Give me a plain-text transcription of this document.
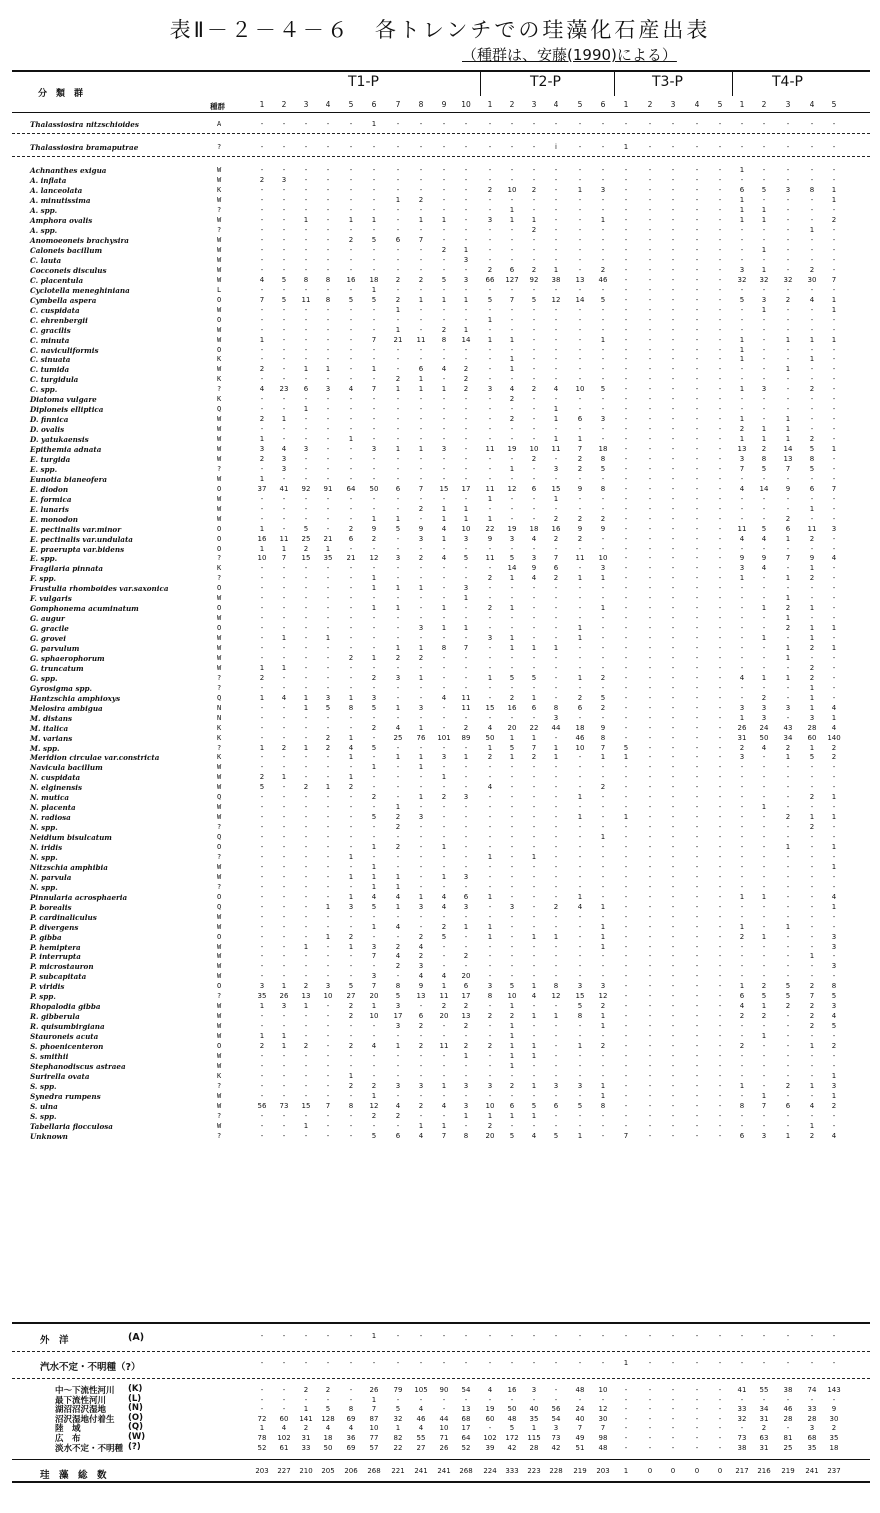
表Ⅱ－２－４－６　各トレンチでの珪藻化石産出表
（種群は、安藤(1990)による）
分　類　群
種群
T1-P	T2-P	T3-P	T4-P
1	2	3	4	5	6	7	8	9	10	1	2	3	4	5	6	1	2	3	4	5	1	2	3	4	5
Thalassiosira nitzschioides	A	-	-	-	-	-	1	-	-	-	-	-	-	-	-	-	-	-	-	-	-	-	-	-	-	-	-
Thalassiosira bramaputrae	?	-	-	-	-	-	-	-	-	-	-	-	-	-	i	-	-	1	-	-	-	-	-	-	-	-	-
Achnanthes exigua	W	-	-	-	-	-	-	-	-	-	-	-	-	-	-	-	-	-	-	-	-	-	1	-	-	-	-
A. inflata	W	2	3	-	-	-	-	-	-	-	-	-	-	-	-	-	-	-	-	-	-	-	-	-	-	-	-
A. lanceolata	K	-	-	-	-	-	-	-	-	-	-	2	10	2	-	1	3	-	-	-	-	-	6	5	3	8	1
A. minutissima	W	-	-	-	-	-	-	1	2	-	-	-	-	-	-	-	-	-	-	-	-	-	1	-	-	-	1
A. spp.	?	-	-	-	-	-	-	-	-	-	-	-	1	-	-	-	-	-	-	-	-	-	1	1	-	-	-
Amphora ovalis	W	-	-	1	-	1	1	-	1	1	-	3	1	1	-	-	1	-	-	-	-	-	1	1	-	-	2
A. spp.	?	-	-	-	-	-	-	-	-	-	-	-	-	2	-	-	-	-	-	-	-	-	-	-	-	1	-
Anomoeoneis brachysira	W	-	-	-	-	2	5	6	7	-	-	-	-	-	-	-	-	-	-	-	-	-	-	-	-	-	-
Caloneis bacillum	W	-	-	-	-	-	-	-	-	2	1	-	-	-	-	-	-	-	-	-	-	-	-	1	-	-	-
C. lauta	W	-	-	-	-	-	-	-	-	-	3	-	-	-	-	-	-	-	-	-	-	-	-	-	-	-	-
Cocconeis disculus	W	-	-	-	-	-	-	-	-	-	-	2	6	2	1	-	2	-	-	-	-	-	3	1	-	2	-
C. placentula	W	4	5	8	8	16	18	2	2	5	3	66	127	92	38	13	46	-	-	-	-	-	32	32	32	30	7
Cyclotella meneghiniana	L	-	-	-	-	-	1	-	-	-	-	-	-	-	-	-	-	-	-	-	-	-	-	-	-	-	-
Cymbella aspera	O	7	5	11	8	5	5	2	1	1	1	5	7	5	12	14	5	-	-	-	-	-	5	3	2	4	1
C. cuspidata	W	-	-	-	-	-	-	1	-	-	-	-	-	-	-	-	-	-	-	-	-	-	-	1	-	-	1
C. ehrenbergii	O	-	-	-	-	-	-	-	-	-	-	1	-	-	-	-	-	-	-	-	-	-	-	-	-	-	-
C. gracilis	W	-	-	-	-	-	-	1	-	2	1	-	-	-	-	-	-	-	-	-	-	-	-	-	-	-	-
C. minuta	W	1	-	-	-	-	7	21	11	8	14	1	1	-	-	-	1	-	-	-	-	-	1	-	1	1	1
C. naviculiformis	O	-	-	-	-	-	-	-	-	-	-	-	-	-	-	-	-	-	-	-	-	-	1	-	-	-	-
C. sinuata	K	-	-	-	-	-	-	-	-	-	-	-	1	-	-	-	-	-	-	-	-	-	1	-	-	1	-
C. tumida	W	2	-	1	1	-	1	-	6	4	2	-	1	-	-	-	-	-	-	-	-	-	-	-	1	-	-
C. turgidula	K	-	-	-	-	-	-	2	1	-	2	-	-	-	-	-	-	-	-	-	-	-	-	-	-	-	-
C. spp.	?	4	23	6	3	4	7	1	1	1	2	3	4	2	4	10	5	-	-	-	-	-	1	3	-	2	-
Diatoma vulgare	K	-	-	-	-	-	-	-	-	-	-	-	2	-	-	-	-	-	-	-	-	-	-	-	-	-	-
Diploneis elliptica	Q	-	-	1	-	-	-	-	-	-	-	-	-	-	1	-	-	-	-	-	-	-	-	-	-	-	-
D. finnica	W	2	1	-	-	-	-	-	-	-	-	-	2	-	1	6	3	-	-	-	-	-	1	-	1	-	-
D. ovalis	W	-	-	-	-	-	-	-	-	-	-	-	-	-	-	-	-	-	-	-	-	-	2	1	1	-	-
D. yatukaensis	W	1	-	-	-	1	-	-	-	-	-	-	-	-	1	1	-	-	-	-	-	-	1	1	1	2	-
Epithemia adnata	W	3	4	3	-	-	3	1	1	3	-	11	19	10	11	7	18	-	-	-	-	-	13	2	14	5	1
E. turgida	W	2	3	-	-	-	-	-	-	-	-	-	-	2	-	2	8	-	-	-	-	-	3	8	13	8	-
E. spp.	?	-	3	-	-	-	-	-	-	-	-	-	1	-	3	2	5	-	-	-	-	-	7	5	7	5	-
Eunotia bianeofera	W	1	-	-	-	-	-	-	-	-	-	-	-	-	-	-	-	-	-	-	-	-	-	-	-	-	-
E. diodon	O	37	41	92	91	64	50	6	7	15	17	11	12	6	15	9	8	-	-	-	-	-	4	14	9	6	7
E. formica	W	-	-	-	-	-	-	-	-	-	-	1	-	-	1	-	-	-	-	-	-	-	-	-	-	-	-
E. lunaris	W	-	-	-	-	-	-	-	2	1	1	-	-	-	-	-	-	-	-	-	-	-	-	-	-	1	-
E. monodon	W	-	-	-	-	-	1	1	-	1	1	1	-	-	2	2	2	-	-	-	-	-	-	-	2	-	-
E. pectinalis var.minor	O	1	-	5	-	2	9	5	9	4	10	22	19	18	16	9	9	-	-	-	-	-	11	5	6	11	3
E. pectinalis var.undulata	O	16	11	25	21	6	2	-	3	1	3	9	3	4	2	2	-	-	-	-	-	-	4	4	1	2	-
E. praerupta var.bidens	O	1	1	2	1	-	-	-	-	-	-	-	-	-	-	-	-	-	-	-	-	-	-	-	-	-	-
E. spp.	?	10	7	15	35	21	12	3	2	4	5	11	5	3	7	11	10	-	-	-	-	-	9	9	7	9	4
Fragilaria pinnata	K	-	-	-	-	-	-	-	-	-	-	-	14	9	6	-	3	-	-	-	-	-	3	4	-	1	-
F. spp.	?	-	-	-	-	-	1	-	-	-	-	2	1	4	2	1	1	-	-	-	-	-	1	-	1	2	-
Frustulia rhomboides var.saxonica	O	-	-	-	-	-	1	1	1	-	3	-	-	-	-	-	-	-	-	-	-	-	-	-	-	-	-
F. vulgaris	W	-	-	-	-	-	-	-	-	-	1	-	-	-	-	-	-	-	-	-	-	-	-	-	1	-	-
Gomphonema acuminatum	O	-	-	-	-	-	1	1	-	1	-	2	1	-	-	-	1	-	-	-	-	-	-	1	2	1	-
G. augur	W	-	-	-	-	-	-	-	-	-	-	-	-	-	-	-	-	-	-	-	-	-	-	-	1	-	-
G. gracile	O	-	-	-	-	-	-	-	3	1	1	-	-	-	-	1	-	-	-	-	-	-	-	-	2	1	1
G. grovei	W	-	1	-	1	-	-	-	-	-	-	3	1	-	-	1	-	-	-	-	-	-	-	1	-	1	-
G. parvulum	W	-	-	-	-	-	-	1	1	8	7	-	1	1	1	-	-	-	-	-	-	-	-	-	1	2	1
G. sphaerophorum	W	-	-	-	-	2	1	2	2	-	-	-	-	-	-	-	-	-	-	-	-	-	-	-	1	-	-
G. truncatum	W	1	1	-	-	-	-	-	-	-	-	-	-	-	-	-	-	-	-	-	-	-	-	-	-	2	-
G. spp.	?	2	-	-	-	-	2	3	1	-	-	1	5	5	-	1	2	-	-	-	-	-	4	1	1	2	-
Gyrosigma spp.	?	-	-	-	-	-	-	-	-	-	-	-	-	-	-	-	-	-	-	-	-	-	-	-	-	1	-
Hantzschia amphioxys	Q	1	4	1	3	1	3	-	-	4	11	-	2	1	-	2	5	-	-	-	-	-	-	2	-	1	-
Melosira ambigua	N	-	-	1	5	8	5	1	3	-	11	15	16	6	8	6	2	-	-	-	-	-	3	3	3	1	4
M. distans	N	-	-	-	-	-	-	-	-	-	-	-	-	-	3	-	-	-	-	-	-	-	1	3	-	3	1
M. italica	K	-	-	-	-	-	2	4	1	-	2	4	20	22	44	18	9	-	-	-	-	-	26	24	43	28	4
M. varians	K	-	-	-	2	1	-	25	76	101	89	50	1	1	-	46	8	-	-	-	-	-	31	50	34	60	140
M. spp.	?	1	2	1	2	4	5	-	-	-	-	1	5	7	1	10	7	5	-	-	-	-	2	4	2	1	2
Meridion circulae var.constricta	K	-	-	-	-	1	-	1	1	3	1	2	1	2	1	-	1	1	-	-	-	-	3	-	1	5	2
Navicula bacillum	W	-	-	-	-	-	1	-	1	-	-	-	-	-	-	-	-	-	-	-	-	-	-	-	-	-	-
N. cuspidata	W	2	1	-	-	1	-	-	-	1	-	-	-	-	-	-	-	-	-	-	-	-	-	-	-	-	-
N. elginensis	W	5	-	2	1	2	-	-	-	-	-	4	-	-	-	-	2	-	-	-	-	-	-	-	-	-	-
N. mutica	Q	-	-	-	-	-	2	-	1	2	3	-	-	-	-	1	-	-	-	-	-	-	-	-	-	2	1
N. placenta	W	-	-	-	-	-	-	1	-	-	-	-	-	-	-	-	-	-	-	-	-	-	-	1	-	-	-
N. radiosa	W	-	-	-	-	-	5	2	3	-	-	-	-	-	-	1	-	1	-	-	-	-	-	-	2	1	1
N. spp.	?	-	-	-	-	-	-	2	-	-	-	-	-	-	-	-	-	-	-	-	-	-	-	-	-	2	-
Neidium bisulcatum	Q	-	-	-	-	-	-	-	-	-	-	-	-	-	-	-	1	-	-	-	-	-	-	-	-	-	-
N. iridis	O	-	-	-	-	-	1	2	-	1	-	-	-	-	-	-	-	-	-	-	-	-	-	-	1	-	1
N. spp.	?	-	-	-	-	1	-	-	-	-	-	1	-	1	-	-	-	-	-	-	-	-	-	-	-	-	-
Nitzschia amphibia	W	-	-	-	-	-	1	-	-	-	-	-	-	-	-	-	-	-	-	-	-	-	-	-	-	-	1
N. parvula	W	-	-	-	-	1	1	1	-	1	3	-	-	-	-	-	-	-	-	-	-	-	-	-	-	-	-
N. spp.	?	-	-	-	-	-	1	1	-	-	-	-	-	-	-	-	-	-	-	-	-	-	-	-	-	-	-
Pinnularia acrosphaeria	O	-	-	-	-	1	4	4	1	4	6	1	-	-	-	1	-	-	-	-	-	-	1	1	-	-	4
P. borealis	Q	-	-	-	1	3	5	1	3	4	3	-	3	-	2	4	1	-	-	-	-	-	-	-	-	-	1
P. cardinaliculus	W	-	-	-	-	-	-	-	-	-	-	-	-	-	-	-	-	-	-	-	-	-	-	-	-	-	-
P. divergens	W	-	-	-	-	-	1	4	-	2	1	1	-	-	-	-	1	-	-	-	-	-	1	-	1	-	-
P. gibba	O	-	-	-	1	2	-	-	2	5	-	1	-	1	1	-	1	-	-	-	-	-	2	1	-	-	3
P. hemiptera	W	-	-	1	-	1	3	2	4	-	-	-	-	-	-	-	1	-	-	-	-	-	-	-	-	-	3
P. interrupta	W	-	-	-	-	-	7	4	2	-	2	-	-	-	-	-	-	-	-	-	-	-	-	-	-	1	-
P. microstauron	W	-	-	-	-	-	-	2	3	-	-	-	-	-	-	-	-	-	-	-	-	-	-	-	-	-	3
P. subcapitata	W	-	-	-	-	-	3	-	4	4	20	-	-	-	-	-	-	-	-	-	-	-	-	-	-	-	-
P. viridis	O	3	1	2	3	5	7	8	9	1	6	3	5	1	8	3	3	-	-	-	-	-	1	2	5	2	8
P. spp.	?	35	26	13	10	27	20	5	13	11	17	8	10	4	12	15	12	-	-	-	-	-	6	5	5	7	5
Rhopalodia gibba	W	1	3	1	-	2	1	3	-	2	2	-	1	-	-	5	2	-	-	-	-	-	4	1	2	2	3
R. gibberula	W	-	-	-	-	2	10	17	6	20	13	2	2	1	1	8	1	-	-	-	-	-	2	2	-	2	4
R. quisumbirgiana	W	-	-	-	-	-	-	3	2	-	2	-	1	-	-	-	1	-	-	-	-	-	-	-	-	2	5
Stauroneis acuta	W	1	1	-	-	-	-	-	-	-	-	-	1	-	-	-	-	-	-	-	-	-	-	1	-	-	-
S. phoenicenteron	O	2	1	2	-	2	4	1	2	11	2	2	1	1	-	1	2	-	-	-	-	-	2	-	-	1	2
S. smithii	W	-	-	-	-	-	-	-	-	-	1	-	1	1	-	-	-	-	-	-	-	-	-	-	-	-	-
Stephanodiscus astraea	W	-	-	-	-	-	-	-	-	-	-	-	1	-	-	-	-	-	-	-	-	-	-	-	-	-	-
Surirella ovata	K	-	-	-	-	1	-	-	-	-	-	-	-	-	-	-	-	-	-	-	-	-	-	-	-	-	1
S. spp.	?	-	-	-	-	2	2	3	3	1	3	3	2	1	3	3	1	-	-	-	-	-	1	-	2	1	3
Synedra rumpens	W	-	-	-	-	-	1	-	-	-	-	-	-	-	-	-	1	-	-	-	-	-	-	1	-	-	1
S. ulna	W	56	73	15	7	8	12	4	2	4	3	10	6	5	6	5	8	-	-	-	-	-	8	7	6	4	2
S. spp.	?	-	-	-	-	-	2	2	-	-	1	1	1	1	-	-	-	-	-	-	-	-	-	-	-	-	-
Tabellaria flocculosa	W	-	-	1	-	-	-	-	1	1	-	2	-	-	-	-	-	-	-	-	-	-	-	-	-	1	-
Unknown	?	-	-	-	-	-	5	6	4	7	8	20	5	4	5	1	-	7	-	-	-	-	6	3	1	2	4
外　洋	(A)	-	-	-	-	-	1	-	-	-	-	-	-	-	-	-	-	-	-	-	-	-	-	-	-	-	-
汽水不定・不明種（?）	-	-	-	-	-	-	-	-	-	-	-	-	-	-	-	-	1	-	-	-	-	-	-	-	-	-
中～下流性河川 (K)	-	-	2	2	-	26	79	105	90	54	4	16	3	-	48	10	-	-	-	-	-	41	55	38	74	143
最下流性河川	(L)	-	-	-	-	-	1	-	-	-	-	-	-	-	-	-	-	-	-	-	-	-	-	-	-	-	-
湖沼沼沢湿地	(N)	-	-	1	5	8	7	5	4	-	13	19	50	40	56	24	12	-	-	-	-	-	33	34	46	33	9
沼沢湿地付着生 (O)	72	60	141	128	69	87	32	46	44	68	60	48	35	54	40	30	-	-	-	-	-	32	31	28	28	30
陸　域	(Q)	1	4	2	4	4	10	1	4	10	17	-	5	1	3	7	7	-	-	-	-	-	-	2	-	3	2
広　布	(W)	78	102	31	18	36	77	82	55	71	64	102	172	115	73	49	98	-	-	-	-	-	73	63	81	68	35
淡水不定・不明種 (?)	52	61	33	50	69	57	22	27	26	52	39	42	28	42	51	48	-	-	-	-	-	38	31	25	35	18
珪　藻　総　数	203	227	210	205	206	268	221	241	241	268	224	333	223	228	219	203	1	0	0	0	0	217	216	219	241	237
